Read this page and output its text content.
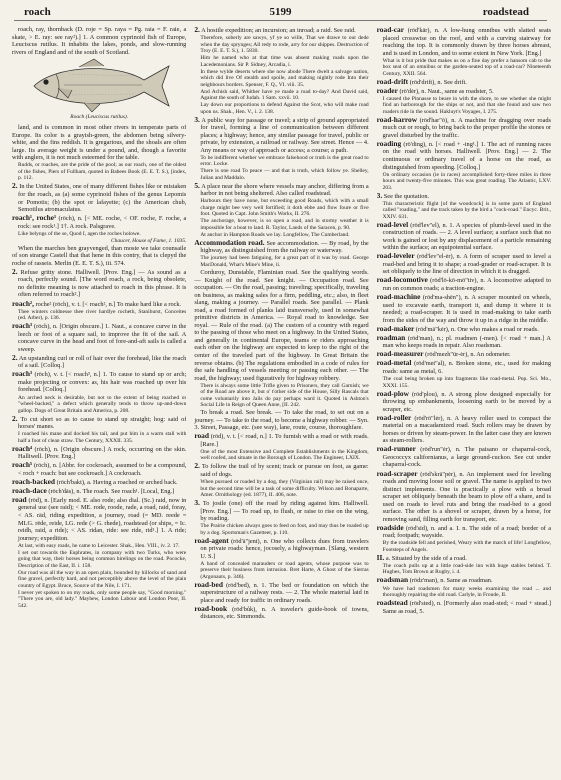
roach	5199	roadstead

roach, ray, thornback (D. roje = Sp. raya = Pg. raia = F. raie, a skate, > E. ray: see ray²).] 1. A common cyprinoid fish of Europe, Leuciscus rutilus. It inhabits the lakes, ponds, and slow-running rivers of England and of the south of Scotland.

Roach (Leuciscus rutilus).

land, and is common in most other rivers in temperate parts of Europe. Its color is a grayish-green, the abdomen being silvery-white, and the fins reddish. It is gregarious, and the shoals are often large. Its average weight is under a pound, and, though a favorite with anglers, it is not much esteemed for the table.

Rudds, or roaches, are the pride of the pool; as our roach, one of the oldest of the fishes, Piers of Fullham, quoted in Babees Book (E. E. T. S.), [index, p. 112.

2. In the United States, one of many different fishes like or mistaken for the roach, as (a) some cyprinoid fishes of the genus Lepomis or Pomotis; (b) the spot or lafayette; (c) the American chub, Semotilus atromaculatus.

roach¹, roche¹ (rōch), n. [< ME. roche, < OF. roche, F. roche, a rock: see rock¹.] 1†. A rock. Palsgrave.

Like belyngs of the se, Quod I, agen the roches holowe.

Chaucer, House of Fame, 1. 1035.

When the marches ben grayvenged, than moste we take counsaile of son strange Castell that that hene in this contry, that is clepyd the roche of rasseis. Merlin (E. E. T. S.), iii. 574.

2. Refuse gritty stone. Halliwell. [Prov. Eng.] — As sound as a roach, perfectly sound. [The word roach, a rock, being obsolete, no definite meaning is now attached to roach in this phrase. It is often referred to roach².]

roach², roche² (rōch), v. t. [< roach², n.] To make hard like a rock.

Thee winters coldnesse thee river hardlye rocheth, Stanihurst, Conceites (ed. Arber), p. 136.

roach³ (rōch), n. [Origin obscure.] 1. Naut., a concave curve in the leech or foot of a square sail, to improve the fit of the sail. A concave curve in the head and foot of fore-and-aft sails is called a sweep.

2. An upstanding curl or roll of hair over the forehead, like the roach of a sail. [Colloq.]

roach³ (rōch), v. t. [< roach³, n.] 1. To cause to stand up or arch; make projecting or convex: as, his hair was roached up over his forehead. [Colloq.]

An arched neck is desirable, but not to the extent of being roached or "wheel-backed," a defect which generally tends to throw up-and-down gallop. Dogs of Great Britain and America, p. 208.

2. To cut short so as to cause to stand up straight; hog: said of horses' manes.

I roached his mane and docked his tail, and put him in a warm stall with half a foot of clean straw. The Century, XXXII. 335.

roach⁴ (rōch), n. [Origin obscure.] A rock, occurring on the skin. Halliwell. [Prov. Eng.]

roach⁵ (rōch), n. [Abbr. for cockroach, assumed to be a compound, < roch + roach: but see cockroach.] A cockroach.

roach-backed (rōch'bakt), a. Having a roached or arched back.

roach-dace (rōch'dās), n. The roach. See roach¹. [Local, Eng.]

road (rōd), n. [Early mod. E. also rode; also dial. (Sc.) raid, now in general use (see raid); < ME. rode, roode, rade, a road, raid, foray, < AS. rād, riding expedition, a journey, road (= MD. reede = MLG. rēde, reide, LG. rede (> G. rhede), roadstead (or ships, = Ic. reidh, raid, a ride); < AS. ridan, ride: see ride, rid¹.] 1. A ride; journey; expedition.

At last, with easy roads, he came to Leicester. Shak., Hen. VIII., iv. 2. 17.

I set out towards the Euphrates, in company with two Turks, who were going that way, their horses being common hirelings on the road. Pococke, Description of the East, II. i. 158.

Our road was all the way in an open plain, bounded by hillocks of sand and fine gravel, perfectly hard, and not perceptibly above the level of the plain country of Egypt. Bruce, Source of the Nile, I. 171.

I never yet spoken to on my roads, only some people say, "Good morning." "There you are, old lady." Mayhew, London Labour and London Poor, II. 542.

2. A hostile expedition; an incursion; an inroad; a raid. See raid.

Therefore, soberly are sawys, yf ye so wille, That we drawe to our dede when the day sprynges; All redy to rode, arry for our shippes. Destruction of Troy (E. E. T. S.), 1. 5830.

Him he named who at that time was absent making roads upon the Lacedemonians. Sir P. Sidney, Arcadia, i.

In these wylde deserts where she now abode There dwelt a salvage nation, which did live Of stealth and spoile, and making nightly rode Into their neighbours borders. Spenser, F. Q., VI. viii. 35.

And Achish said, Whither have ye made a road to-day? And David said, Against the south of Judah. 1 Sam. xxvii. 10.

Lay down our proportions to defend Against the Scot, who will make road upon us. Shak., Hen. V., i. 2. 138.

3. A public way for passage or travel; a strip of ground appropriated for travel, forming a line of communication between different places; a highway; hence, any similar passage for travel, public or private, by extension, a railroad or railway. See street. Hence — 4. Any means or way of approach or access; a course; a path.

To be indifferent whether we embrace falsehood or truth is the great road to error. Locke.

There is one road To peace — and that is truth, which follow ye. Shelley, Julian and Maddalo.

5. A place near the shore where vessels may anchor, differing from a harbor in not being sheltered. Also called roadstead.

Harbours they have none, but exceeding good Roads, which with a small charge might bee very well fortified; it doth ebbe and flow foure or five foot. Quoted in Capt. John Smith's Works, II. 276.

The anchorage, however, is so open a road, and in stormy weather it is impossible for a boat to land. R. Taylor, Lands of the Saracen, p. 90.

At anchor in Hampton Roads we lay. Longfellow, The Cumberland.

Accommodation road. See accommodation. — By road, by the highway, as distinguished from the railway or waterway.

The journey had been fatiguing, for a great part of it was by road. George MacDonald, What's Mine's Mine, ii.

Corduroy, Dunstable, Flaminian road. See the qualifying words. — Knight of the road. See knight. — Occupation road. See occupation. — On the road, passing; traveling; specifically, traveling on business, as making sales for a firm, peddling, etc.; also, in fleet slang, making a journey. — Parallel roads. See parallel. — Plank road, a road formed of planks laid transversely, used in somewhat primitive districts in America. — Royal road to knowledge. See royal. — Rule of the road. (a) The custom of a country with regard to the passing of those who meet on a highway. In the United States, and generally in continental Europe, teams or riders approaching each other on the highway are expected to keep to the right of the center of the traveled part of the highway. In Great Britain the reverse obtains. (b) The regulations embodied in a code of rules for the safe handling of vessels meeting or passing each other. — The road, the highway; used figuratively for highway robbery.

There is always some little Trifle given to Prisoners, they call Garnish; we of the Road are above it, but o' t'other side of the House, Silly Rascals that come voluntarily into Jails do pay perhaps ward it. Quoted in Ashton's Social Life in Reign of Queen Anne, [II. 242.

To break a road. See break. — To take the road, to set out on a journey. — To take to the road, to become a highway robber. — Syn. 3. Street, Passage, etc. (see way), lane, route, course, thoroughfare.

road (rōd), v. t. [< road, n.] 1. To furnish with a road or with roads. [Rare.]

One of the most Extensive and Complete Establishments in the Kingdom, well roofed, and situate in the Borough of London. The Engineer, LXIX.

2. To follow the trail of by scent; track or pursue on foot, as game: said of dogs.

When pursued or roaded by a dog, they (Virginian rail) may be raised once, but the second time will be a task of some difficulty. Wilson and Bonaparte, Amer. Ornithology (ed. 1877), II. 406, note.

3. To jostle (one) off the road by riding against him. Halliwell. [Prov. Eng.] — To road up, to flush, or raise to rise on the wing, by roading.

The Prairie chicken always goes to feed on foot, and may thus be roaded up by a dog. Sportsman's Gazetteer, p. 110.

road-agent (rōd'ā"jent), n. One who collects dues from travelers on private roads: hence, jocosely, a highwayman. [Slang, western U. S.]

A band of concealed marauders or road agents, whose purpose was to preserve their business from intrusion. Bret Harte, A Ghost of the Sierras (Argonauts, p. 346).

road-bed (rōd'bed), n. 1. The bed or foundation on which the superstructure of a railway rests. — 2. The whole material laid in place and ready for traffic in ordinary roads.

road-book (rōd'bůk), n. A traveler's guide-book of towns, distances, etc. Simmonds.

road-car (rōd'kär), n. A low-hung omnibus with slatted seats placed crosswise on the roof, and with a curving stairway for reaching the top. It is commonly drawn by three horses abreast, and is used in London, and to some extent in New York. [Eng.]

What is it but pride that makes us on a fine day prefer a hansom cab to the box seat of an omnibus or the garden-seated top of a road-car? Nineteenth Century, XXII. 564.

road-drift (rōd'drift), n. See drift.

roader (rō'dėr), n. Naut., same as roadster, 5.

I caused the Pinnasse to beare in with the shore, to see whether she might find an harborough for the ships or not, and that she found and saw two roaders ride in the sound. Hakluyt's Voyages, I. 275.

road-harrow (rōd'har"ō), n. A machine for dragging over roads much cut or rough, to bring back to the proper profile the stones or gravel disturbed by the traffic.

roading (rō'ding), n. [< road + -ing¹.] 1. The act of running races on the road with horses. Halliwell. [Prov. Eng.] — 2. The continuous or ordinary travel of a horse on the road, as distinguished from speeding. [Colloq.]

On ordinary occasion (ie in races) accomplished forty-three miles in three hours and twenty-five minutes. This was great roading. The Atlantic, LXV. 203.

3. See the quotation.

This characteristic flight [of the woodcock] is in some parts of England called "roading," and the track taken by the bird a "cock-road." Encyc. Brit., XXIV. 631.

road-level (rōd'lev"el), n. 1. A species of plumb-level used in the construction of roads. — 2. A level surface; a surface such that no work is gained or lost by any displacement of a particle remaining within the surface; an equipotential surface.

road-leveler (rōd'lev"el-ėr), n. A form of scraper used to level a road-bed and bring it to shape; a road-grader or road-scraper. It is set obliquely to the line of direction in which it is dragged.

road-locomotive (rōd'lō-kō-mō"tiv), n. A locomotive adapted to run on common roads; a traction-engine.

road-machine (rōd'ma-shēn"), n. A scraper mounted on wheels, used to excavate earth, transport it, and dump it where it is needed; a road-scraper. It is used in road-making to take earth from the sides of the way and throw it up in a ridge in the middle.

road-maker (rōd'mā"kėr), n. One who makes a road or roads.

roadman (rōd'man), n.; pl. roadmen (-men). [< road + man.] A man who keeps roads in repair. Also roadsman.

road-measurer (rōd'mezh"ūr-ėr), n. An odometer.

road-metal (rōd'met"al), n. Broken stone, etc., used for making roads: same as metal, 6.

The coal being broken up into fragments like road-metal. Pop. Sci. Mo., XXXI. 155.

road-plow (rōd'plou), n. A strong plow designed especially for throwing up embankments, loosening earth to be moved by a scraper, etc.

road-roller (rōd'rō"lėr), n. A heavy roller used to compact the material on a macadamized road. Such rollers may be drawn by horses or driven by steam-power. In the latter case they are known as steam-rollers.

road-runner (rōd'run"ėr), n. The paisano or chaparral-cock, Geococcyx californianus, a large ground-cuckoo. See cut under chaparral-cock.

road-scraper (rōd'skrā"pėr), n. An implement used for leveling roads and moving loose soil or gravel. The name is applied to two distinct implements. One is practically a plow with a broad scraper set obliquely beneath the beam to plow off a share, and is used on roads to level ruts and bring the road-bed to a good surface. The other is a shovel or scraper, drawn by a horse, for removing sand, filling earth for transport, etc.

roadside (rōd'sīd), n. and a. I. n. The side of a road; border of a road; footpath; wayside.

By the roadside fell and perished, Weary with the march of life! Longfellow, Footsteps of Angels.

II. a. Situated by the side of a road.

The coach pulls up at a little road-side inn with huge stables behind. T. Hughes, Tom Brown at Rugby, i. 4.

roadsman (rōdz'man), n. Same as roadman.

We have had roadsmen for many weeks examining the road ... and thoroughly repairing the old road. Carlyle, in Froude, II.

roadstead (rōd'sted), n. [Formerly also road-sted; < road + stead.] Same as road, 5.
